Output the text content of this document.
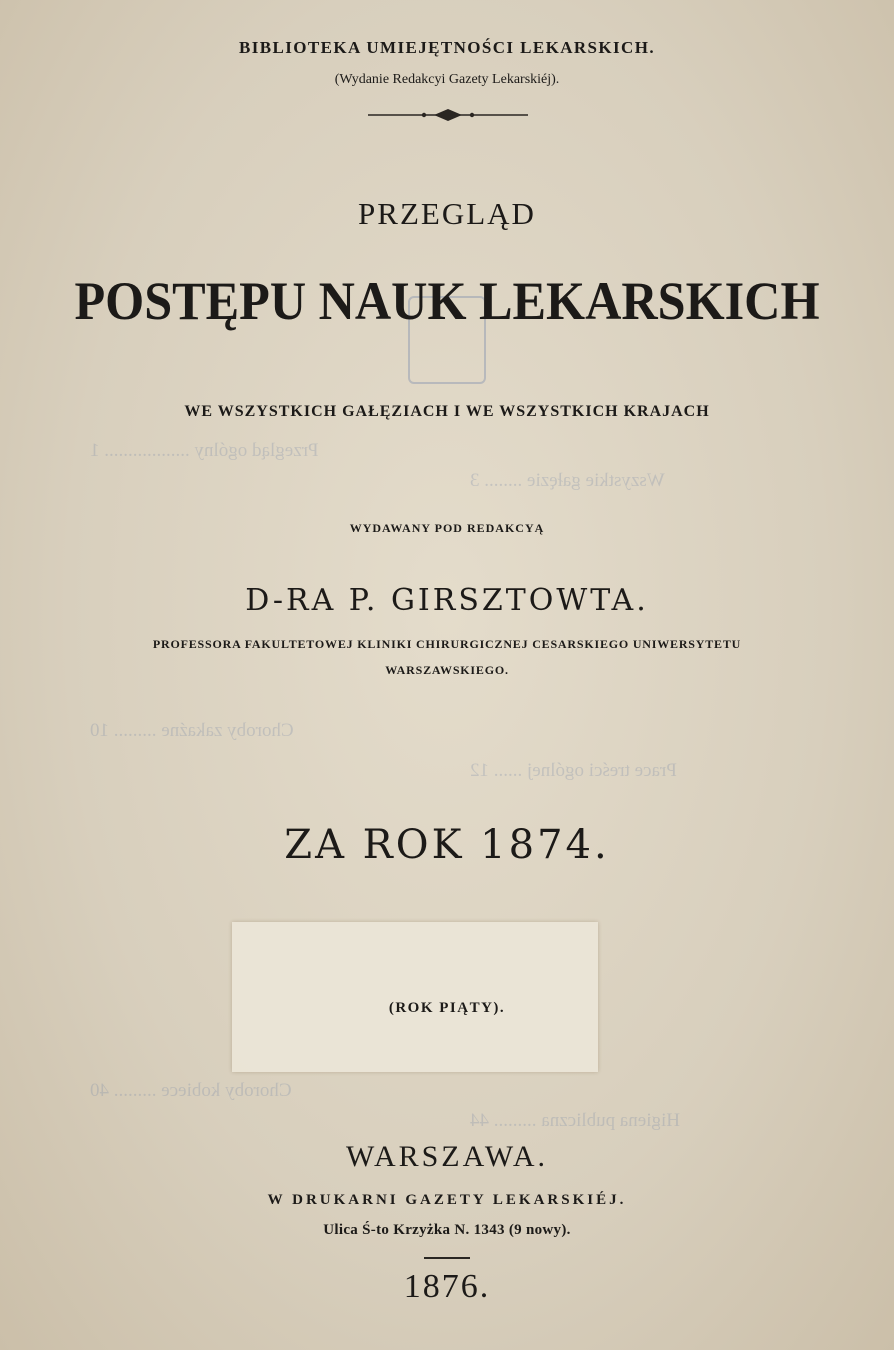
Przegląd ogólny .................. 1
Wszystkie gałęzie ........ 3
Choroby zakaźne ......... 10
Prace treści ogólnej ...... 12
Choroby kobiece ......... 40
Higiena publiczna ......... 44
BIBLIOTEKA UMIEJĘTNOŚCI LEKARSKICH.
(Wydanie Redakcyi Gazety Lekarskiéj).
PRZEGLĄD
POSTĘPU NAUK LEKARSKICH
WE WSZYSTKICH GAŁĘZIACH I WE WSZYSTKICH KRAJACH
WYDAWANY POD REDAKCYĄ
D-RA P. GIRSZTOWTA.
PROFESSORA FAKULTETOWEJ KLINIKI CHIRURGICZNEJ CESARSKIEGO UNIWERSYTETU
WARSZAWSKIEGO.
ZA ROK 1874.
(ROK PIĄTY).
WARSZAWA.
W DRUKARNI GAZETY LEKARSKIÉJ.
Ulica Ś-to Krzyżka N. 1343 (9 nowy).
1876.
